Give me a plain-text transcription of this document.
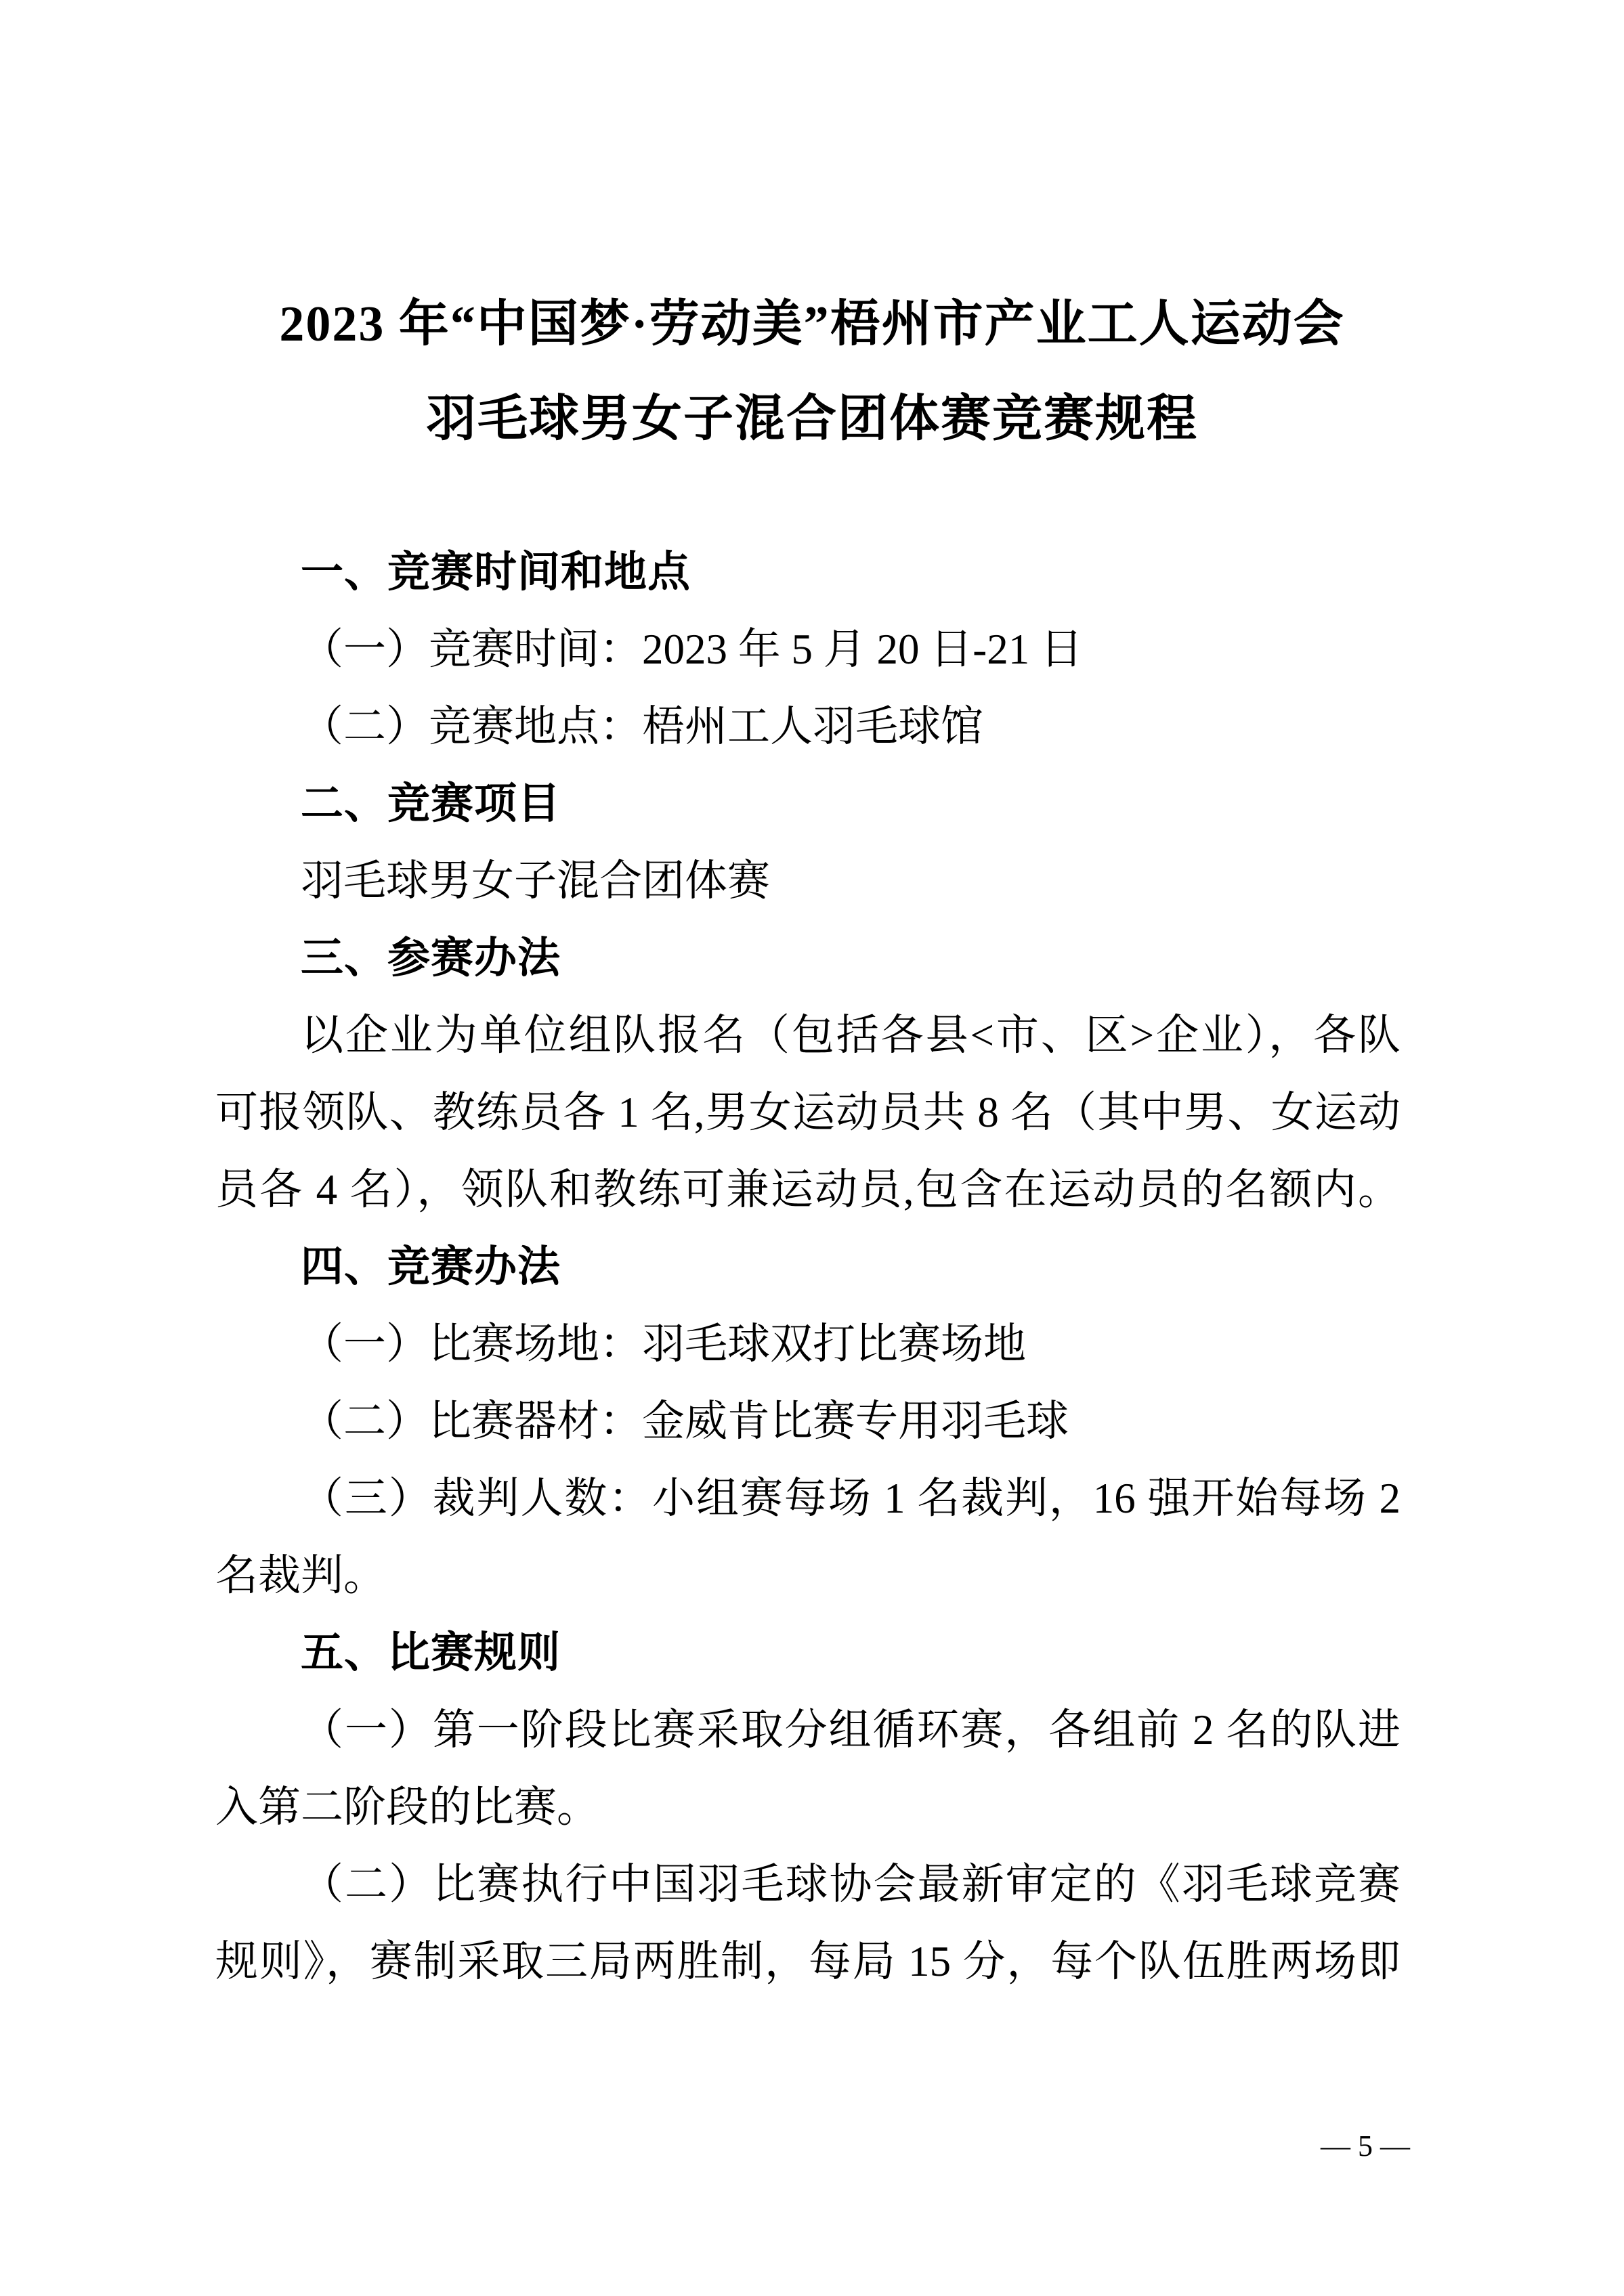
2023 年“中国梦·劳动美”梧州市产业工人运动会
羽毛球男女子混合团体赛竞赛规程
一、竞赛时间和地点
（一）竞赛时间：2023 年 5 月 20 日-21 日
（二）竞赛地点：梧州工人羽毛球馆
二、竞赛项目
羽毛球男女子混合团体赛
三、参赛办法
以企业为单位组队报名（包括各县<市、区>企业），各队
可报领队、教练员各 1 名,男女运动员共 8 名（其中男、女运动
员各 4 名），领队和教练可兼运动员,包含在运动员的名额内。
四、竞赛办法
（一）比赛场地：羽毛球双打比赛场地
（二）比赛器材：金威肯比赛专用羽毛球
（三）裁判人数：小组赛每场 1 名裁判，16 强开始每场 2
名裁判。
五、比赛规则
（一）第一阶段比赛采取分组循环赛，各组前 2 名的队进
入第二阶段的比赛。
（二）比赛执行中国羽毛球协会最新审定的《羽毛球竞赛
规则》，赛制采取三局两胜制，每局 15 分，每个队伍胜两场即
— 5 —
